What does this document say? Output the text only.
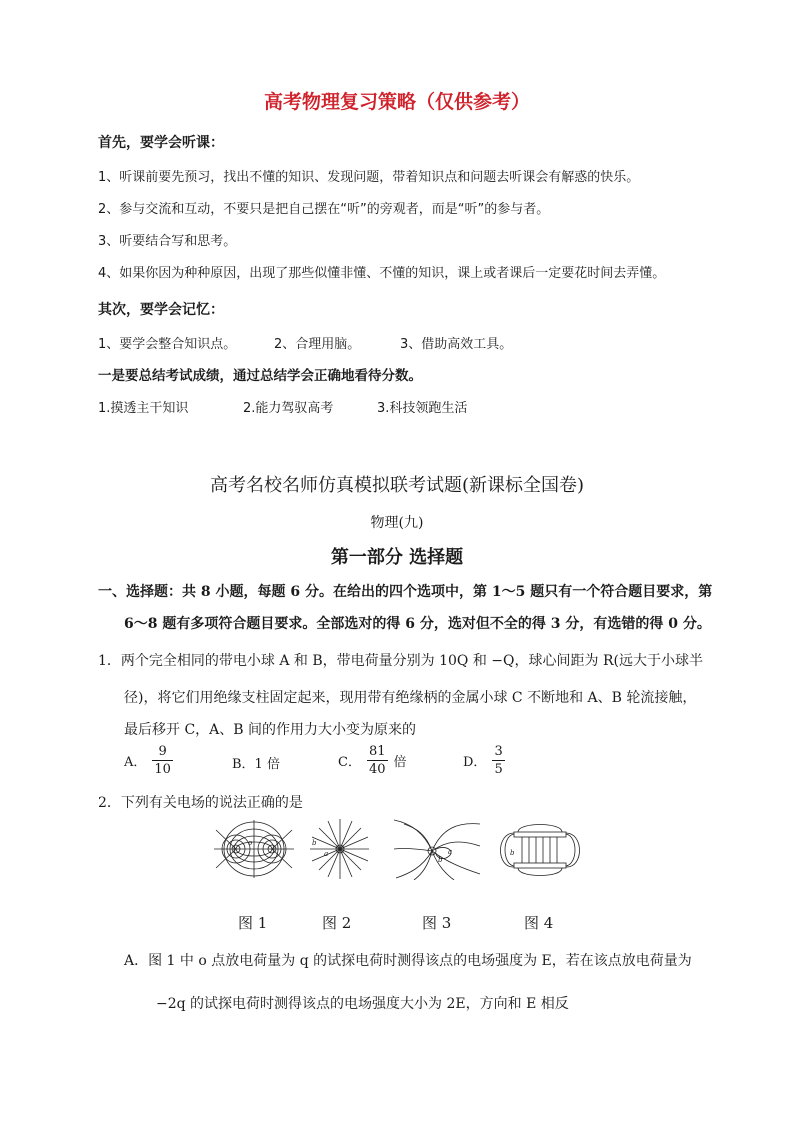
高考物理复习策略（仅供参考）
首先，要学会听课：
1、听课前要先预习，找出不懂的知识、发现问题，带着知识点和问题去听课会有解惑的快乐。
2、参与交流和互动，不要只是把自己摆在“听”的旁观者，而是“听”的参与者。
3、听要结合写和思考。
4、如果你因为种种原因，出现了那些似懂非懂、不懂的知识，课上或者课后一定要花时间去弄懂。
其次，要学会记忆：
1、要学会整合知识点。	2、合理用脑。	3、借助高效工具。
一是要总结考试成绩，通过总结学会正确地看待分数。
1.摸透主干知识	2.能力驾驭高考	3.科技领跑生活
高考名校名师仿真模拟联考试题(新课标全国卷)
物理(九)
第一部分 选择题
一、选择题：共 8 小题，每题 6 分。在给出的四个选项中，第 1～5 题只有一个符合题目要求，第
6～8 题有多项符合题目要求。全部选对的得 6 分，选对但不全的得 3 分，有选错的得 0 分。
1．两个完全相同的带电小球 A 和 B，带电荷量分别为 10Q 和 −Q，球心间距为 R(远大于小球半
径)，将它们用绝缘支柱固定起来，现用带有绝缘柄的金属小球 C 不断地和 A、B 轮流接触，
最后移开 C，A、B 间的作用力大小变为原来的
A． $\frac{9}{10}$	B．1 倍	C． $\frac{81}{40}$ 倍	D． $\frac{3}{5}$
2．下列有关电场的说法正确的是
o	b
a
b
a	b
图 1	图 2	图 3	图 4
A．图 1 中 o 点放电荷量为 q 的试探电荷时测得该点的电场强度为 E，若在该点放电荷量为
−2q 的试探电荷时测得该点的电场强度大小为 2E，方向和 E 相反
